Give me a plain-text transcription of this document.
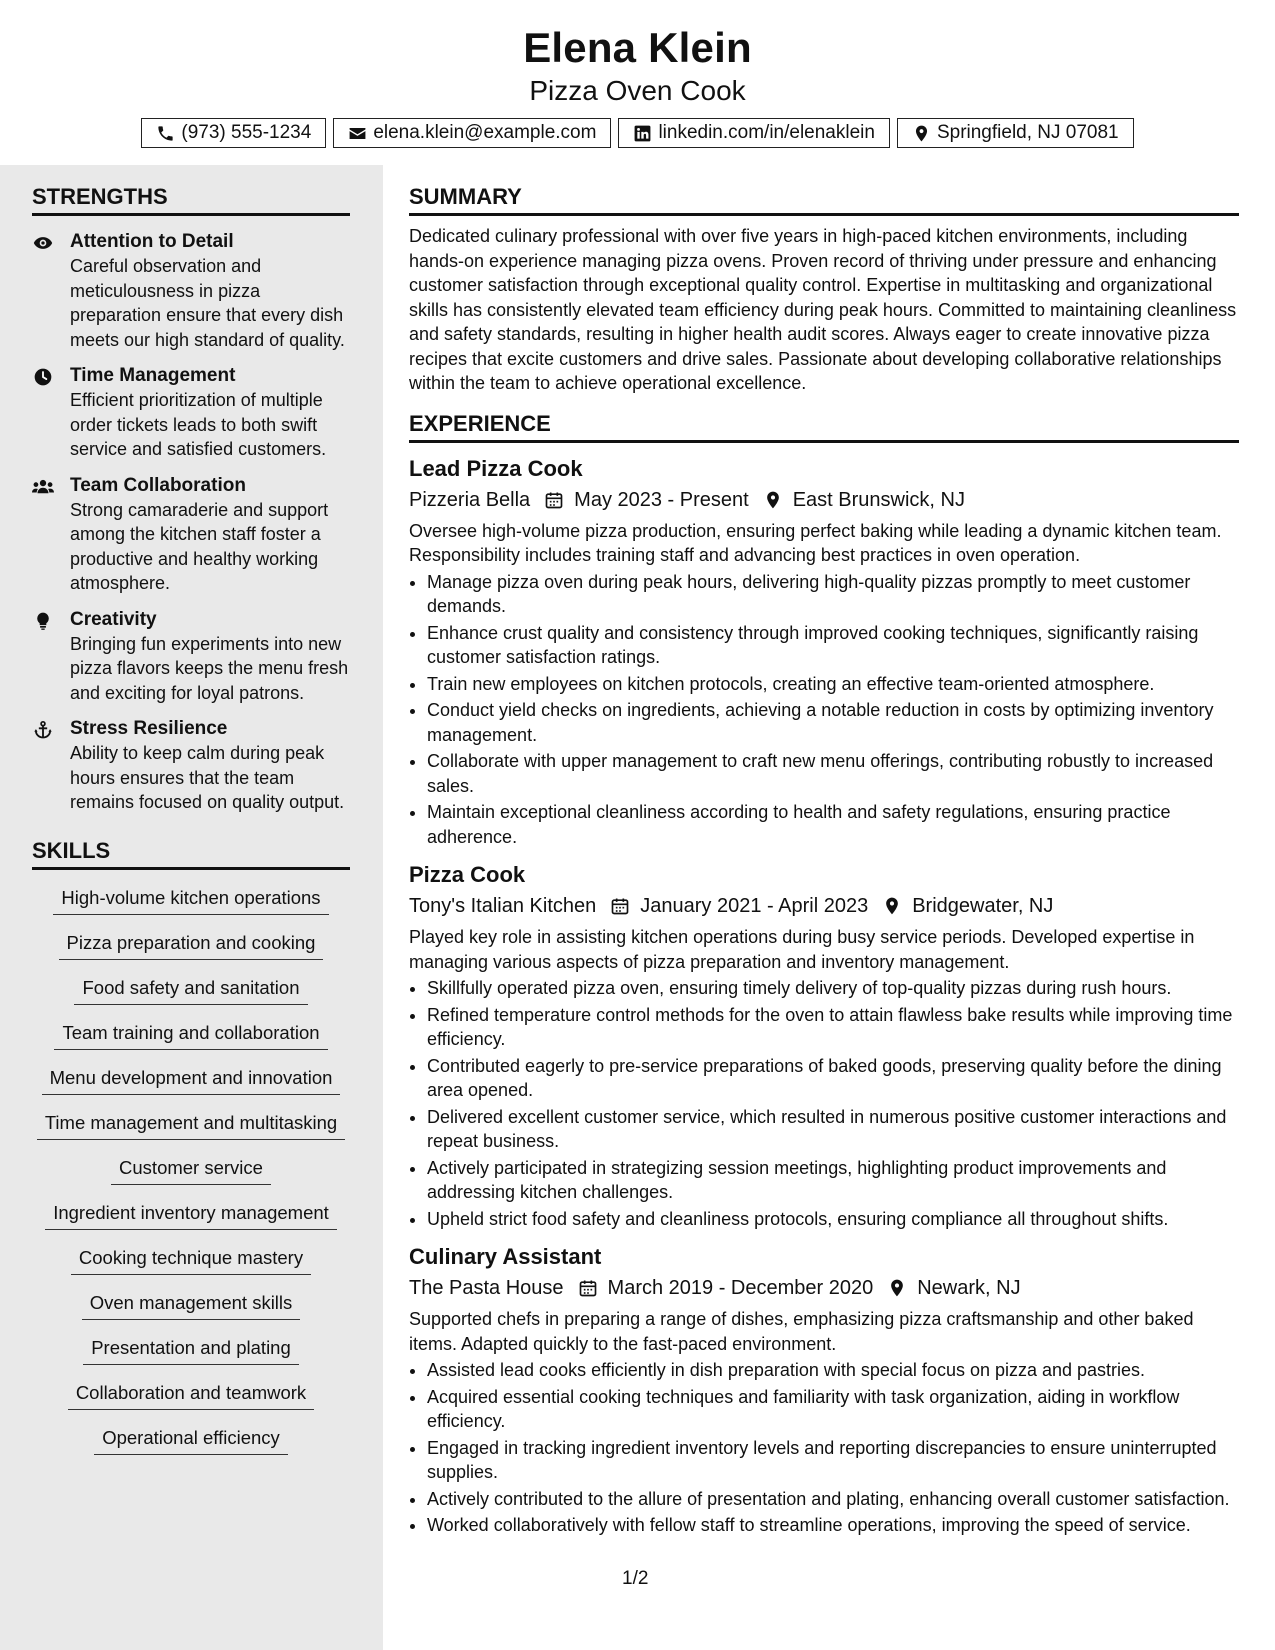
Elena Klein
Pizza Oven Cook
(973) 555-1234	elena.klein@example.com	linkedin.com/in/elenaklein	Springfield, NJ 07081
STRENGTHS
Attention to Detail
Careful observation and meticulousness in pizza preparation ensure that every dish meets our high standard of quality.
Time Management
Efficient prioritization of multiple order tickets leads to both swift service and satisfied customers.
Team Collaboration
Strong camaraderie and support among the kitchen staff foster a productive and healthy working atmosphere.
Creativity
Bringing fun experiments into new pizza flavors keeps the menu fresh and exciting for loyal patrons.
Stress Resilience
Ability to keep calm during peak hours ensures that the team remains focused on quality output.
SKILLS
High-volume kitchen operations
Pizza preparation and cooking
Food safety and sanitation
Team training and collaboration
Menu development and innovation
Time management and multitasking
Customer service
Ingredient inventory management
Cooking technique mastery
Oven management skills
Presentation and plating
Collaboration and teamwork
Operational efficiency
SUMMARY
Dedicated culinary professional with over five years in high-paced kitchen environments, including hands-on experience managing pizza ovens. Proven record of thriving under pressure and enhancing customer satisfaction through exceptional quality control. Expertise in multitasking and organizational skills has consistently elevated team efficiency during peak hours. Committed to maintaining cleanliness and safety standards, resulting in higher health audit scores. Always eager to create innovative pizza recipes that excite customers and drive sales. Passionate about developing collaborative relationships within the team to achieve operational excellence.
EXPERIENCE
Lead Pizza Cook
Pizzeria Bella May 2023 - Present East Brunswick, NJ
Oversee high-volume pizza production, ensuring perfect baking while leading a dynamic kitchen team. Responsibility includes training staff and advancing best practices in oven operation.
• Manage pizza oven during peak hours, delivering high-quality pizzas promptly to meet customer demands.
• Enhance crust quality and consistency through improved cooking techniques, significantly raising customer satisfaction ratings.
• Train new employees on kitchen protocols, creating an effective team-oriented atmosphere.
• Conduct yield checks on ingredients, achieving a notable reduction in costs by optimizing inventory management.
• Collaborate with upper management to craft new menu offerings, contributing robustly to increased sales.
• Maintain exceptional cleanliness according to health and safety regulations, ensuring practice adherence.
Pizza Cook
Tony's Italian Kitchen January 2021 - April 2023 Bridgewater, NJ
Played key role in assisting kitchen operations during busy service periods. Developed expertise in managing various aspects of pizza preparation and inventory management.
• Skillfully operated pizza oven, ensuring timely delivery of top-quality pizzas during rush hours.
• Refined temperature control methods for the oven to attain flawless bake results while improving time efficiency.
• Contributed eagerly to pre-service preparations of baked goods, preserving quality before the dining area opened.
• Delivered excellent customer service, which resulted in numerous positive customer interactions and repeat business.
• Actively participated in strategizing session meetings, highlighting product improvements and addressing kitchen challenges.
• Upheld strict food safety and cleanliness protocols, ensuring compliance all throughout shifts.
Culinary Assistant
The Pasta House March 2019 - December 2020 Newark, NJ
Supported chefs in preparing a range of dishes, emphasizing pizza craftsmanship and other baked items. Adapted quickly to the fast-paced environment.
• Assisted lead cooks efficiently in dish preparation with special focus on pizza and pastries.
• Acquired essential cooking techniques and familiarity with task organization, aiding in workflow efficiency.
• Engaged in tracking ingredient inventory levels and reporting discrepancies to ensure uninterrupted supplies.
• Actively contributed to the allure of presentation and plating, enhancing overall customer satisfaction.
• Worked collaboratively with fellow staff to streamline operations, improving the speed of service.
1/2
